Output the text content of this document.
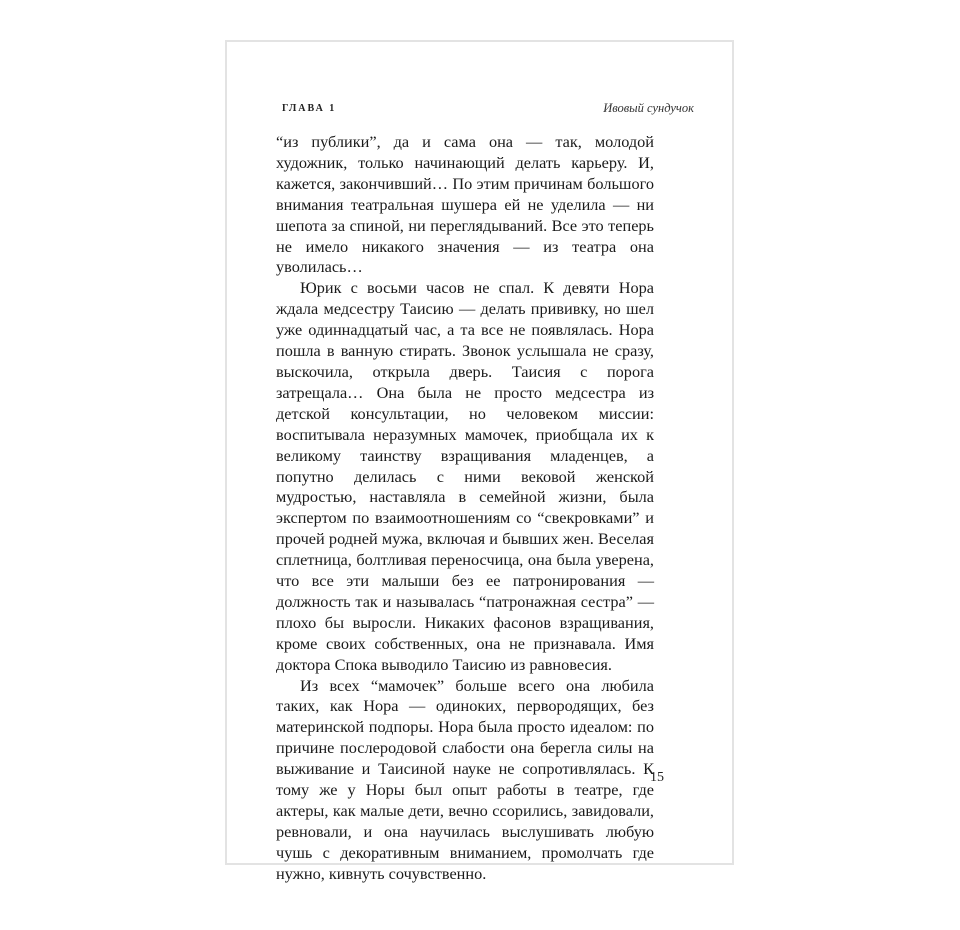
ГЛАВА 1	Ивовый сундучок

“из публики”, да и сама она — так, молодой художник, только начинающий делать карьеру. И, кажется, закончивший… По этим причинам большого внимания театральная шушера ей не уделила — ни шепота за спиной, ни переглядываний. Все это теперь не имело никакого значения — из театра она уволилась…

Юрик с восьми часов не спал. К девяти Нора ждала медсестру Таисию — делать прививку, но шел уже одиннадцатый час, а та все не появлялась. Нора пошла в ванную стирать. Звонок услышала не сразу, выскочила, открыла дверь. Таисия с порога затрещала… Она была не просто медсестра из детской консультации, но человеком миссии: воспитывала неразумных мамочек, приобщала их к великому таинству взращивания младенцев, а попутно делилась с ними вековой женской мудростью, наставляла в семейной жизни, была экспертом по взаимоотношениям со “свекровками” и прочей родней мужа, включая и бывших жен. Веселая сплетница, болтливая переносчица, она была уверена, что все эти малыши без ее патронирования — должность так и называлась “патронажная сестра” — плохо бы выросли. Никаких фасонов взращивания, кроме своих собственных, она не признавала. Имя доктора Спока выводило Таисию из равновесия.

Из всех “мамочек” больше всего она любила таких, как Нора — одиноких, первородящих, без материнской подпоры. Нора была просто идеалом: по причине послеродовой слабости она берегла силы на выживание и Таисиной науке не сопротивлялась. К тому же у Норы был опыт работы в театре, где актеры, как малые дети, вечно ссорились, завидовали, ревновали, и она научилась выслушивать любую чушь с декоративным вниманием, промолчать где нужно, кивнуть сочувственно.

15
